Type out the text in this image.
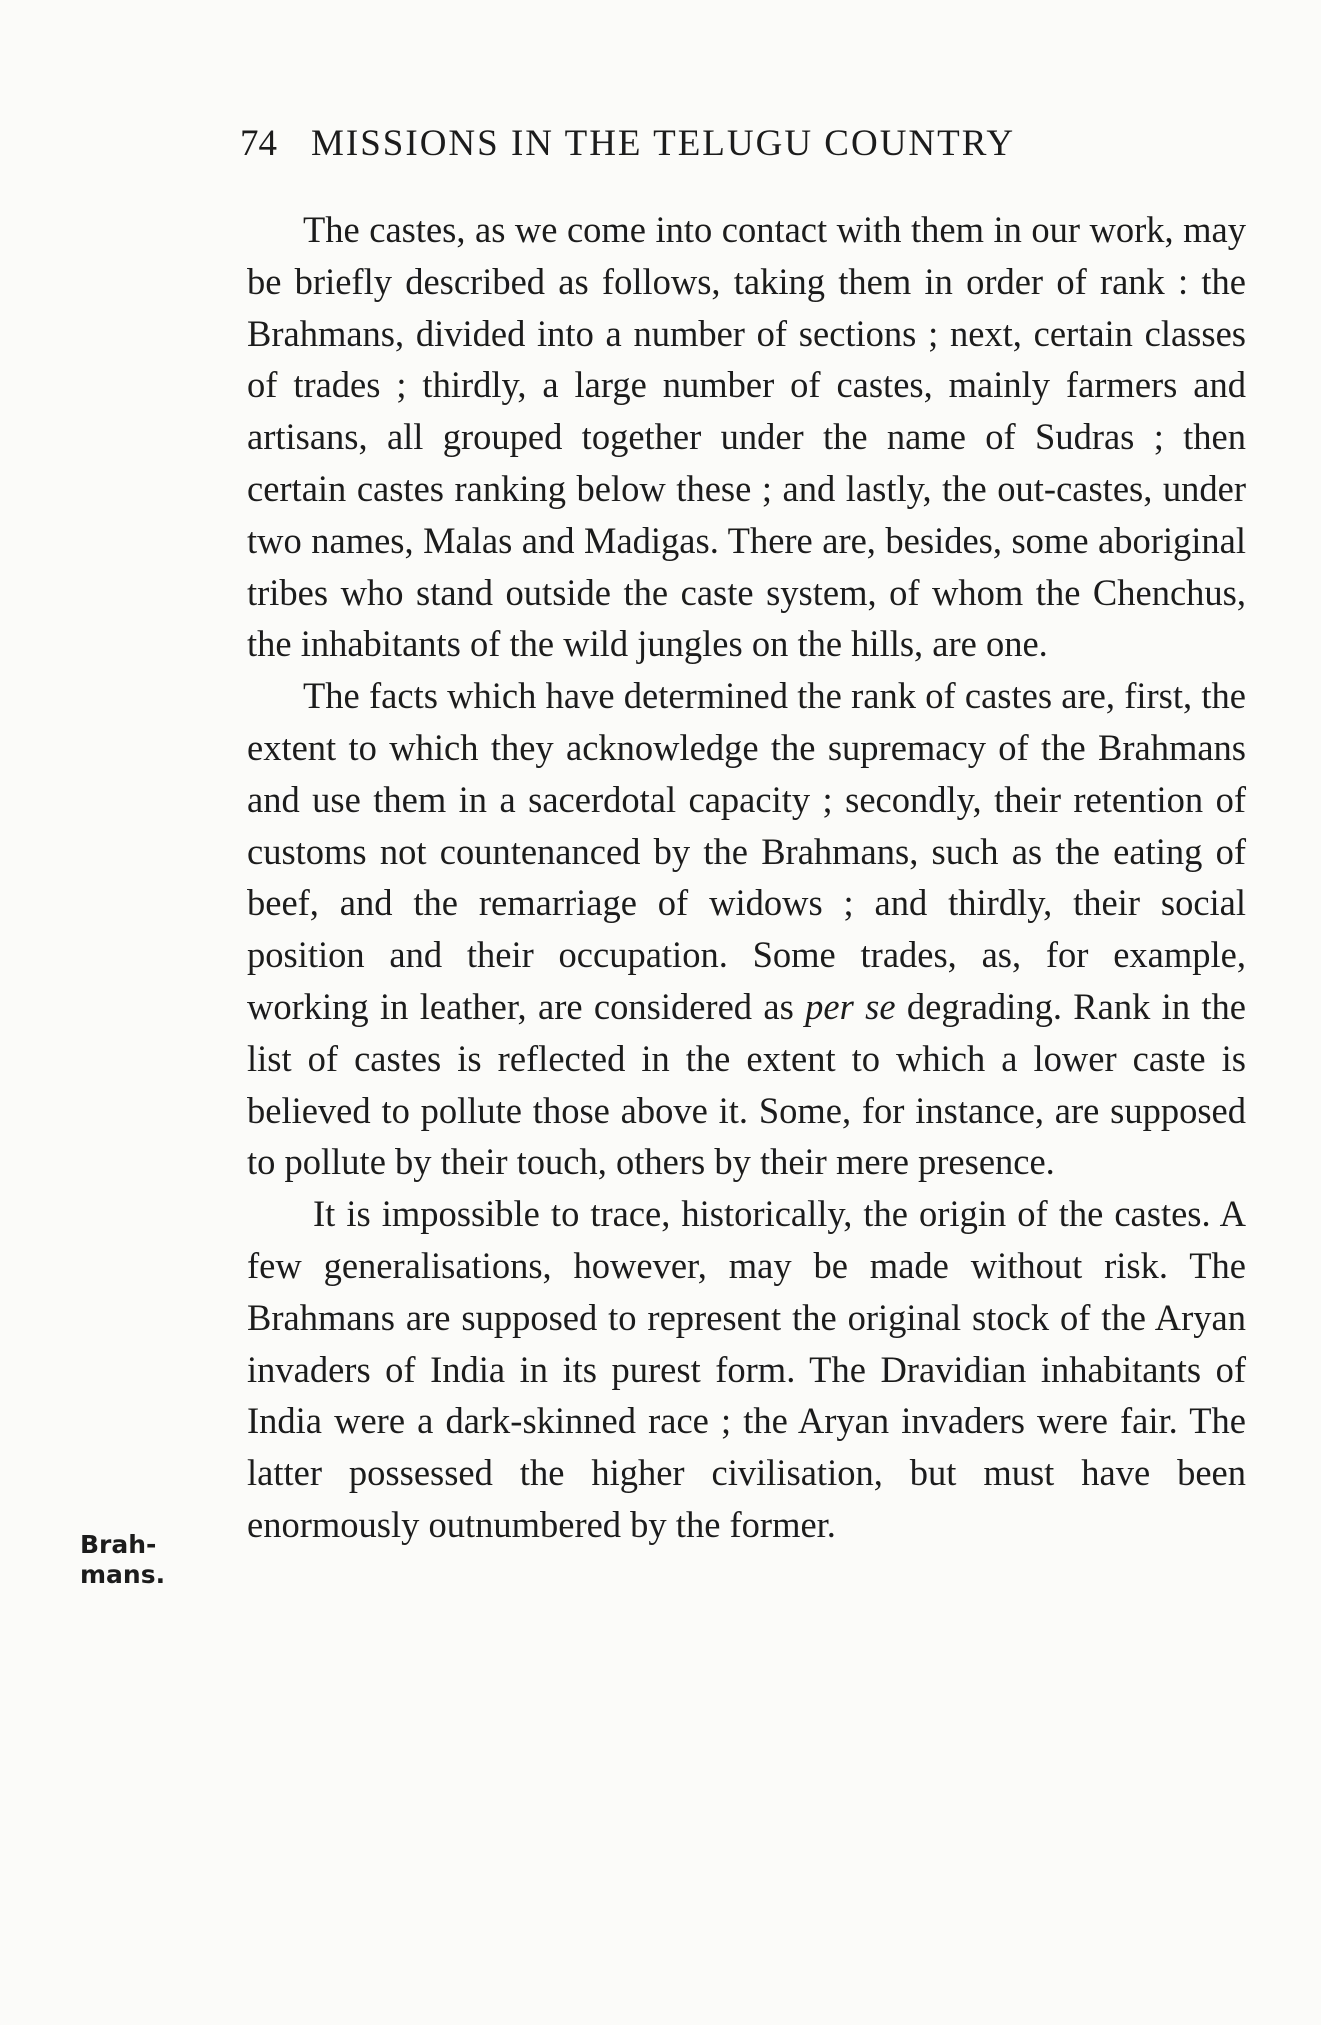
74 MISSIONS IN THE TELUGU COUNTRY

The castes, as we come into contact with them in our work, may be briefly described as follows, taking them in order of rank : the Brahmans, divided into a number of sections ; next, certain classes of trades ; thirdly, a large number of castes, mainly farmers and artisans, all grouped together under the name of Sudras ; then certain castes ranking below these ; and lastly, the out-castes, under two names, Malas and Madigas. There are, besides, some aboriginal tribes who stand outside the caste system, of whom the Chenchus, the inhabitants of the wild jungles on the hills, are one.

The facts which have determined the rank of castes are, first, the extent to which they acknowledge the supremacy of the Brahmans and use them in a sacerdotal capacity ; secondly, their retention of customs not countenanced by the Brahmans, such as the eating of beef, and the remarriage of widows ; and thirdly, their social position and their occupation. Some trades, as, for example, working in leather, are considered as per se degrading. Rank in the list of castes is reflected in the extent to which a lower caste is believed to pollute those above it. Some, for instance, are supposed to pollute by their touch, others by their mere presence.

It is impossible to trace, historically, the origin of the castes. A few generalisations, however, may be made without risk. The Brahmans are supposed to represent the original stock of the Aryan invaders of India in its purest form. The Dravidian inhabitants of India were a dark-skinned race ; the Aryan invaders were fair. The latter possessed the higher civilisation, but must have been enormously outnumbered by the former.

Brah-
mans.
